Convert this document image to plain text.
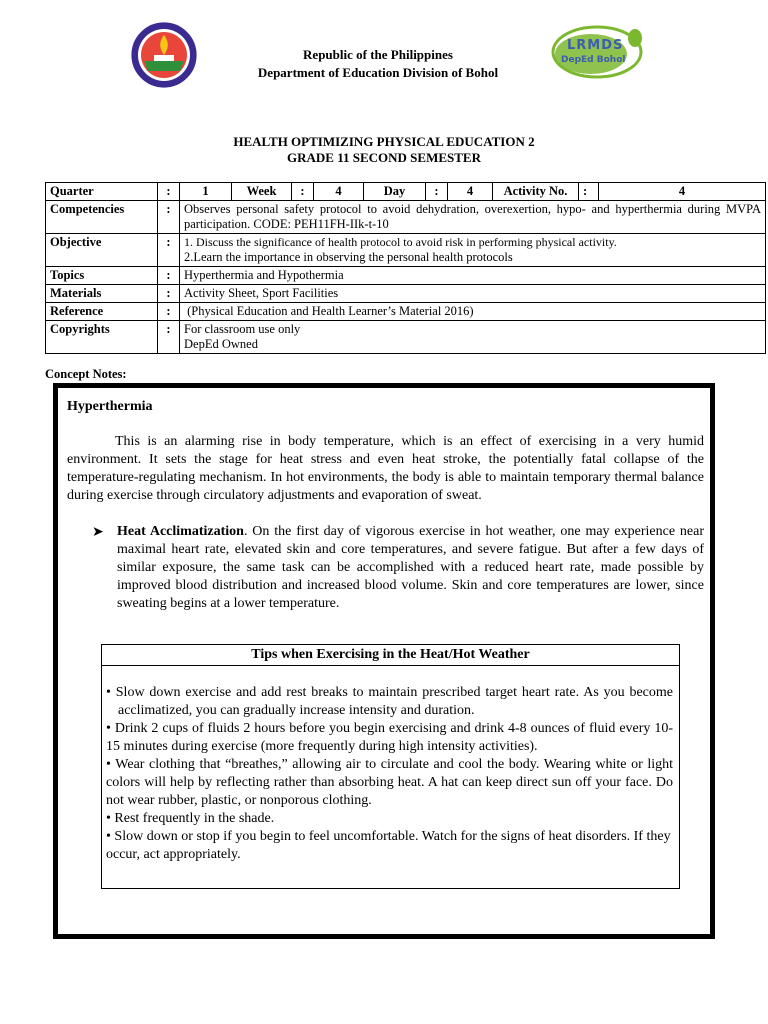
Republic of the Philippines
Department of Education Division of Bohol
LRMDS
DepEd Bohol
HEALTH OPTIMIZING PHYSICAL EDUCATION 2
GRADE 11 SECOND SEMESTER
Quarter	:	1	Week	:	4	Day	:	4	Activity No.	:	4
Competencies	:	Observes personal safety protocol to avoid dehydration, overexertion, hypo- and hyperthermia during MVPA participation. CODE: PEH11FH-IIk-t-10									
Objective	:	1. Discuss the significance of health protocol to avoid risk in performing physical activity.
2.Learn the importance in observing the personal health protocols									

Topics	:	Hyperthermia and Hypothermia									
Materials	:	Activity Sheet, Sport Facilities									
Reference	:	(Physical Education and Health Learner’s Material 2016)									
Copyrights	:	For classroom use only
DepEd Owned									
Concept Notes:
Hyperthermia
This is an alarming rise in body temperature, which is an effect of exercising in a very humid environment. It sets the stage for heat stress and even heat stroke, the potentially fatal collapse of the temperature-regulating mechanism. In hot environments, the body is able to maintain temporary thermal balance during exercise through circulatory adjustments and evaporation of sweat.
➤ Heat Acclimatization. On the first day of vigorous exercise in hot weather, one may experience near maximal heart rate, elevated skin and core temperatures, and severe fatigue. But after a few days of similar exposure, the same task can be accomplished with a reduced heart rate, made possible by improved blood distribution and increased blood volume. Skin and core temperatures are lower, since sweating begins at a lower temperature.
Tips when Exercising in the Heat/Hot Weather
• Slow down exercise and add rest breaks to maintain prescribed target heart rate. As you become acclimatized, you can gradually increase intensity and duration.
• Drink 2 cups of fluids 2 hours before you begin exercising and drink 4-8 ounces of fluid every 10-15 minutes during exercise (more frequently during high intensity activities).
• Wear clothing that “breathes,” allowing air to circulate and cool the body. Wearing white or light colors will help by reflecting rather than absorbing heat. A hat can keep direct sun off your face. Do not wear rubber, plastic, or nonporous clothing.
• Rest frequently in the shade.
• Slow down or stop if you begin to feel uncomfortable. Watch for the signs of heat disorders. If they occur, act appropriately.
